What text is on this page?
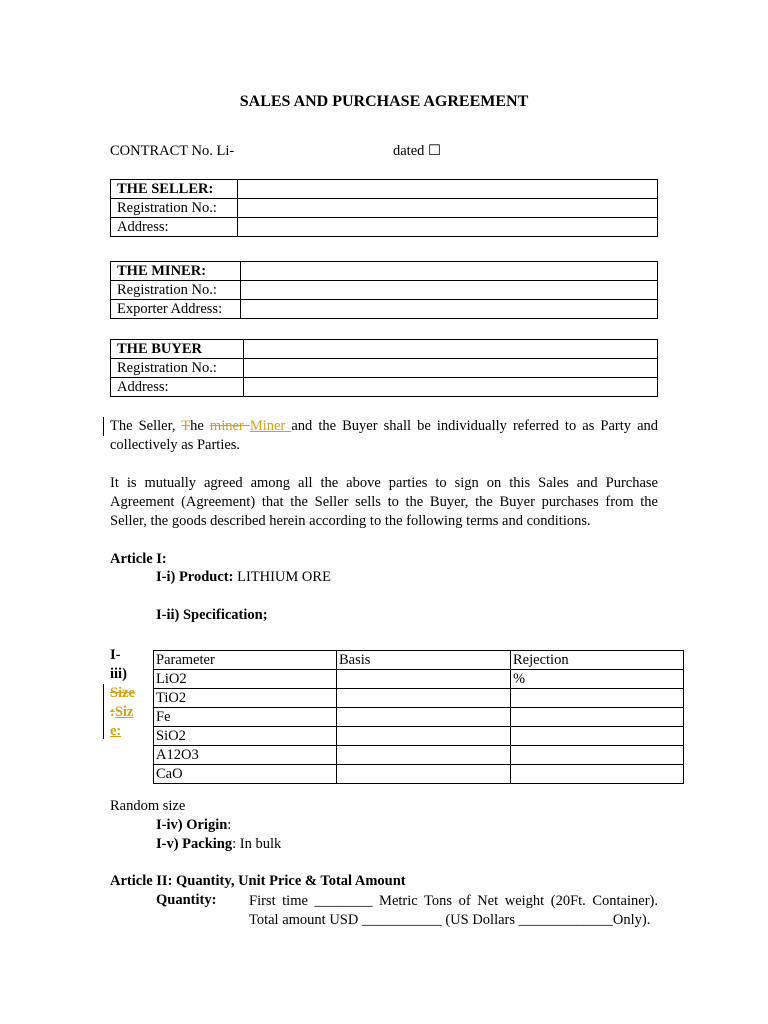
SALES AND PURCHASE AGREEMENT
CONTRACT No. Li-	dated ☐
THE SELLER:	
Registration No.:	
Address:	
THE MINER:	
Registration No.:	
Exporter Address:	
THE BUYER	
Registration No.:	
Address:	
The Seller, The miner Miner and the Buyer shall be individually referred to as Party and collectively as Parties.
It is mutually agreed among all the above parties to sign on this Sales and Purchase Agreement (Agreement) that the Seller sells to the Buyer, the Buyer purchases from the Seller, the goods described herein according to the following terms and conditions.
Article I:
I-i) Product: LITHIUM ORE
I-ii) Specification;
I-
iii)
Size
:Siz
e:
Parameter	Basis	Rejection
LiO2		%
TiO2		
Fe		
SiO2		
A12O3		
CaO		
Random size
I-iv) Origin:
I-v) Packing: In bulk
Article II: Quantity, Unit Price & Total Amount
Quantity: First time ________ Metric Tons of Net weight (20Ft. Container). Total amount USD ___________ (US Dollars _____________Only).
